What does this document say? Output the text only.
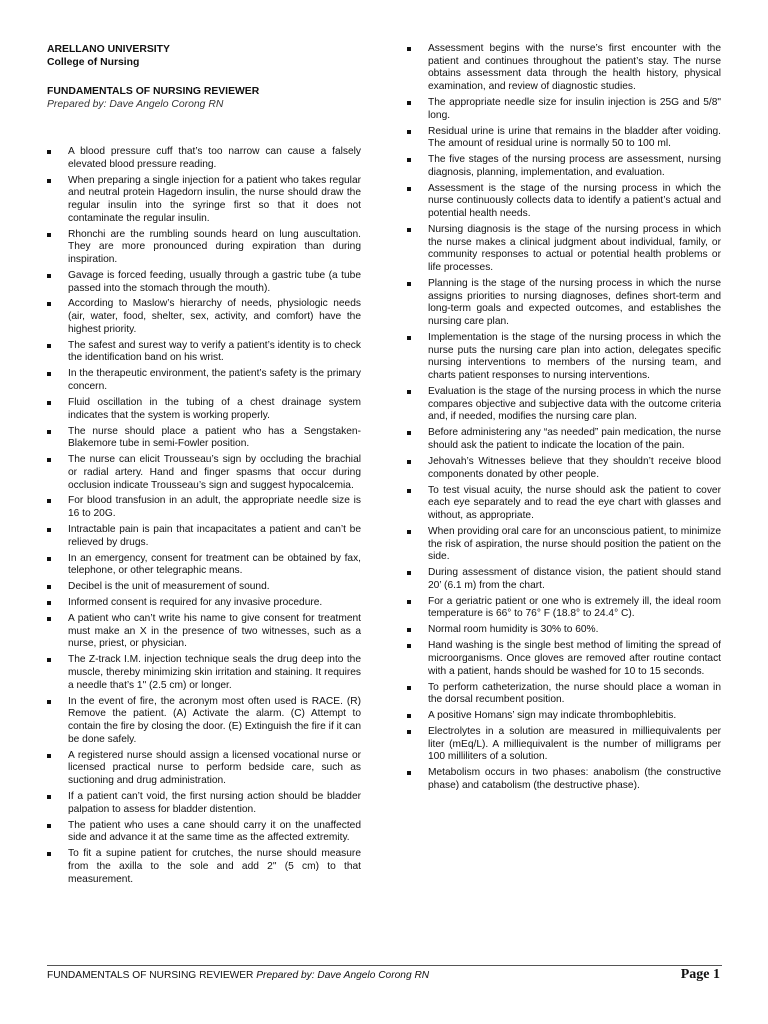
ARELLANO UNIVERSITY
College of Nursing
FUNDAMENTALS OF NURSING REVIEWER
Prepared by: Dave Angelo Corong RN
A blood pressure cuff that’s too narrow can cause a falsely elevated blood pressure reading.
When preparing a single injection for a patient who takes regular and neutral protein Hagedorn insulin, the nurse should draw the regular insulin into the syringe first so that it does not contaminate the regular insulin.
Rhonchi are the rumbling sounds heard on lung auscultation. They are more pronounced during expiration than during inspiration.
Gavage is forced feeding, usually through a gastric tube (a tube passed into the stomach through the mouth).
According to Maslow’s hierarchy of needs, physiologic needs (air, water, food, shelter, sex, activity, and comfort) have the highest priority.
The safest and surest way to verify a patient’s identity is to check the identification band on his wrist.
In the therapeutic environment, the patient’s safety is the primary concern.
Fluid oscillation in the tubing of a chest drainage system indicates that the system is working properly.
The nurse should place a patient who has a Sengstaken-Blakemore tube in semi-Fowler position.
The nurse can elicit Trousseau’s sign by occluding the brachial or radial artery. Hand and finger spasms that occur during occlusion indicate Trousseau’s sign and suggest hypocalcemia.
For blood transfusion in an adult, the appropriate needle size is 16 to 20G.
Intractable pain is pain that incapacitates a patient and can’t be relieved by drugs.
In an emergency, consent for treatment can be obtained by fax, telephone, or other telegraphic means.
Decibel is the unit of measurement of sound.
Informed consent is required for any invasive procedure.
A patient who can’t write his name to give consent for treatment must make an X in the presence of two witnesses, such as a nurse, priest, or physician.
The Z-track I.M. injection technique seals the drug deep into the muscle, thereby minimizing skin irritation and staining. It requires a needle that’s 1" (2.5 cm) or longer.
In the event of fire, the acronym most often used is RACE. (R) Remove the patient. (A) Activate the alarm. (C) Attempt to contain the fire by closing the door. (E) Extinguish the fire if it can be done safely.
A registered nurse should assign a licensed vocational nurse or licensed practical nurse to perform bedside care, such as suctioning and drug administration.
If a patient can’t void, the first nursing action should be bladder palpation to assess for bladder distention.
The patient who uses a cane should carry it on the unaffected side and advance it at the same time as the affected extremity.
To fit a supine patient for crutches, the nurse should measure from the axilla to the sole and add 2" (5 cm) to that measurement.
Assessment begins with the nurse’s first encounter with the patient and continues throughout the patient’s stay. The nurse obtains assessment data through the health history, physical examination, and review of diagnostic studies.
The appropriate needle size for insulin injection is 25G and 5/8" long.
Residual urine is urine that remains in the bladder after voiding. The amount of residual urine is normally 50 to 100 ml.
The five stages of the nursing process are assessment, nursing diagnosis, planning, implementation, and evaluation.
Assessment is the stage of the nursing process in which the nurse continuously collects data to identify a patient’s actual and potential health needs.
Nursing diagnosis is the stage of the nursing process in which the nurse makes a clinical judgment about individual, family, or community responses to actual or potential health problems or life processes.
Planning is the stage of the nursing process in which the nurse assigns priorities to nursing diagnoses, defines short-term and long-term goals and expected outcomes, and establishes the nursing care plan.
Implementation is the stage of the nursing process in which the nurse puts the nursing care plan into action, delegates specific nursing interventions to members of the nursing team, and charts patient responses to nursing interventions.
Evaluation is the stage of the nursing process in which the nurse compares objective and subjective data with the outcome criteria and, if needed, modifies the nursing care plan.
Before administering any “as needed” pain medication, the nurse should ask the patient to indicate the location of the pain.
Jehovah’s Witnesses believe that they shouldn’t receive blood components donated by other people.
To test visual acuity, the nurse should ask the patient to cover each eye separately and to read the eye chart with glasses and without, as appropriate.
When providing oral care for an unconscious patient, to minimize the risk of aspiration, the nurse should position the patient on the side.
During assessment of distance vision, the patient should stand 20’ (6.1 m) from the chart.
For a geriatric patient or one who is extremely ill, the ideal room temperature is 66° to 76° F (18.8° to 24.4° C).
Normal room humidity is 30% to 60%.
Hand washing is the single best method of limiting the spread of microorganisms. Once gloves are removed after routine contact with a patient, hands should be washed for 10 to 15 seconds.
To perform catheterization, the nurse should place a woman in the dorsal recumbent position.
A positive Homans’ sign may indicate thrombophlebitis.
Electrolytes in a solution are measured in milliequivalents per liter (mEq/L). A milliequivalent is the number of milligrams per 100 milliliters of a solution.
Metabolism occurs in two phases: anabolism (the constructive phase) and catabolism (the destructive phase).
FUNDAMENTALS OF NURSING REVIEWER Prepared by: Dave Angelo Corong RN	Page 1
